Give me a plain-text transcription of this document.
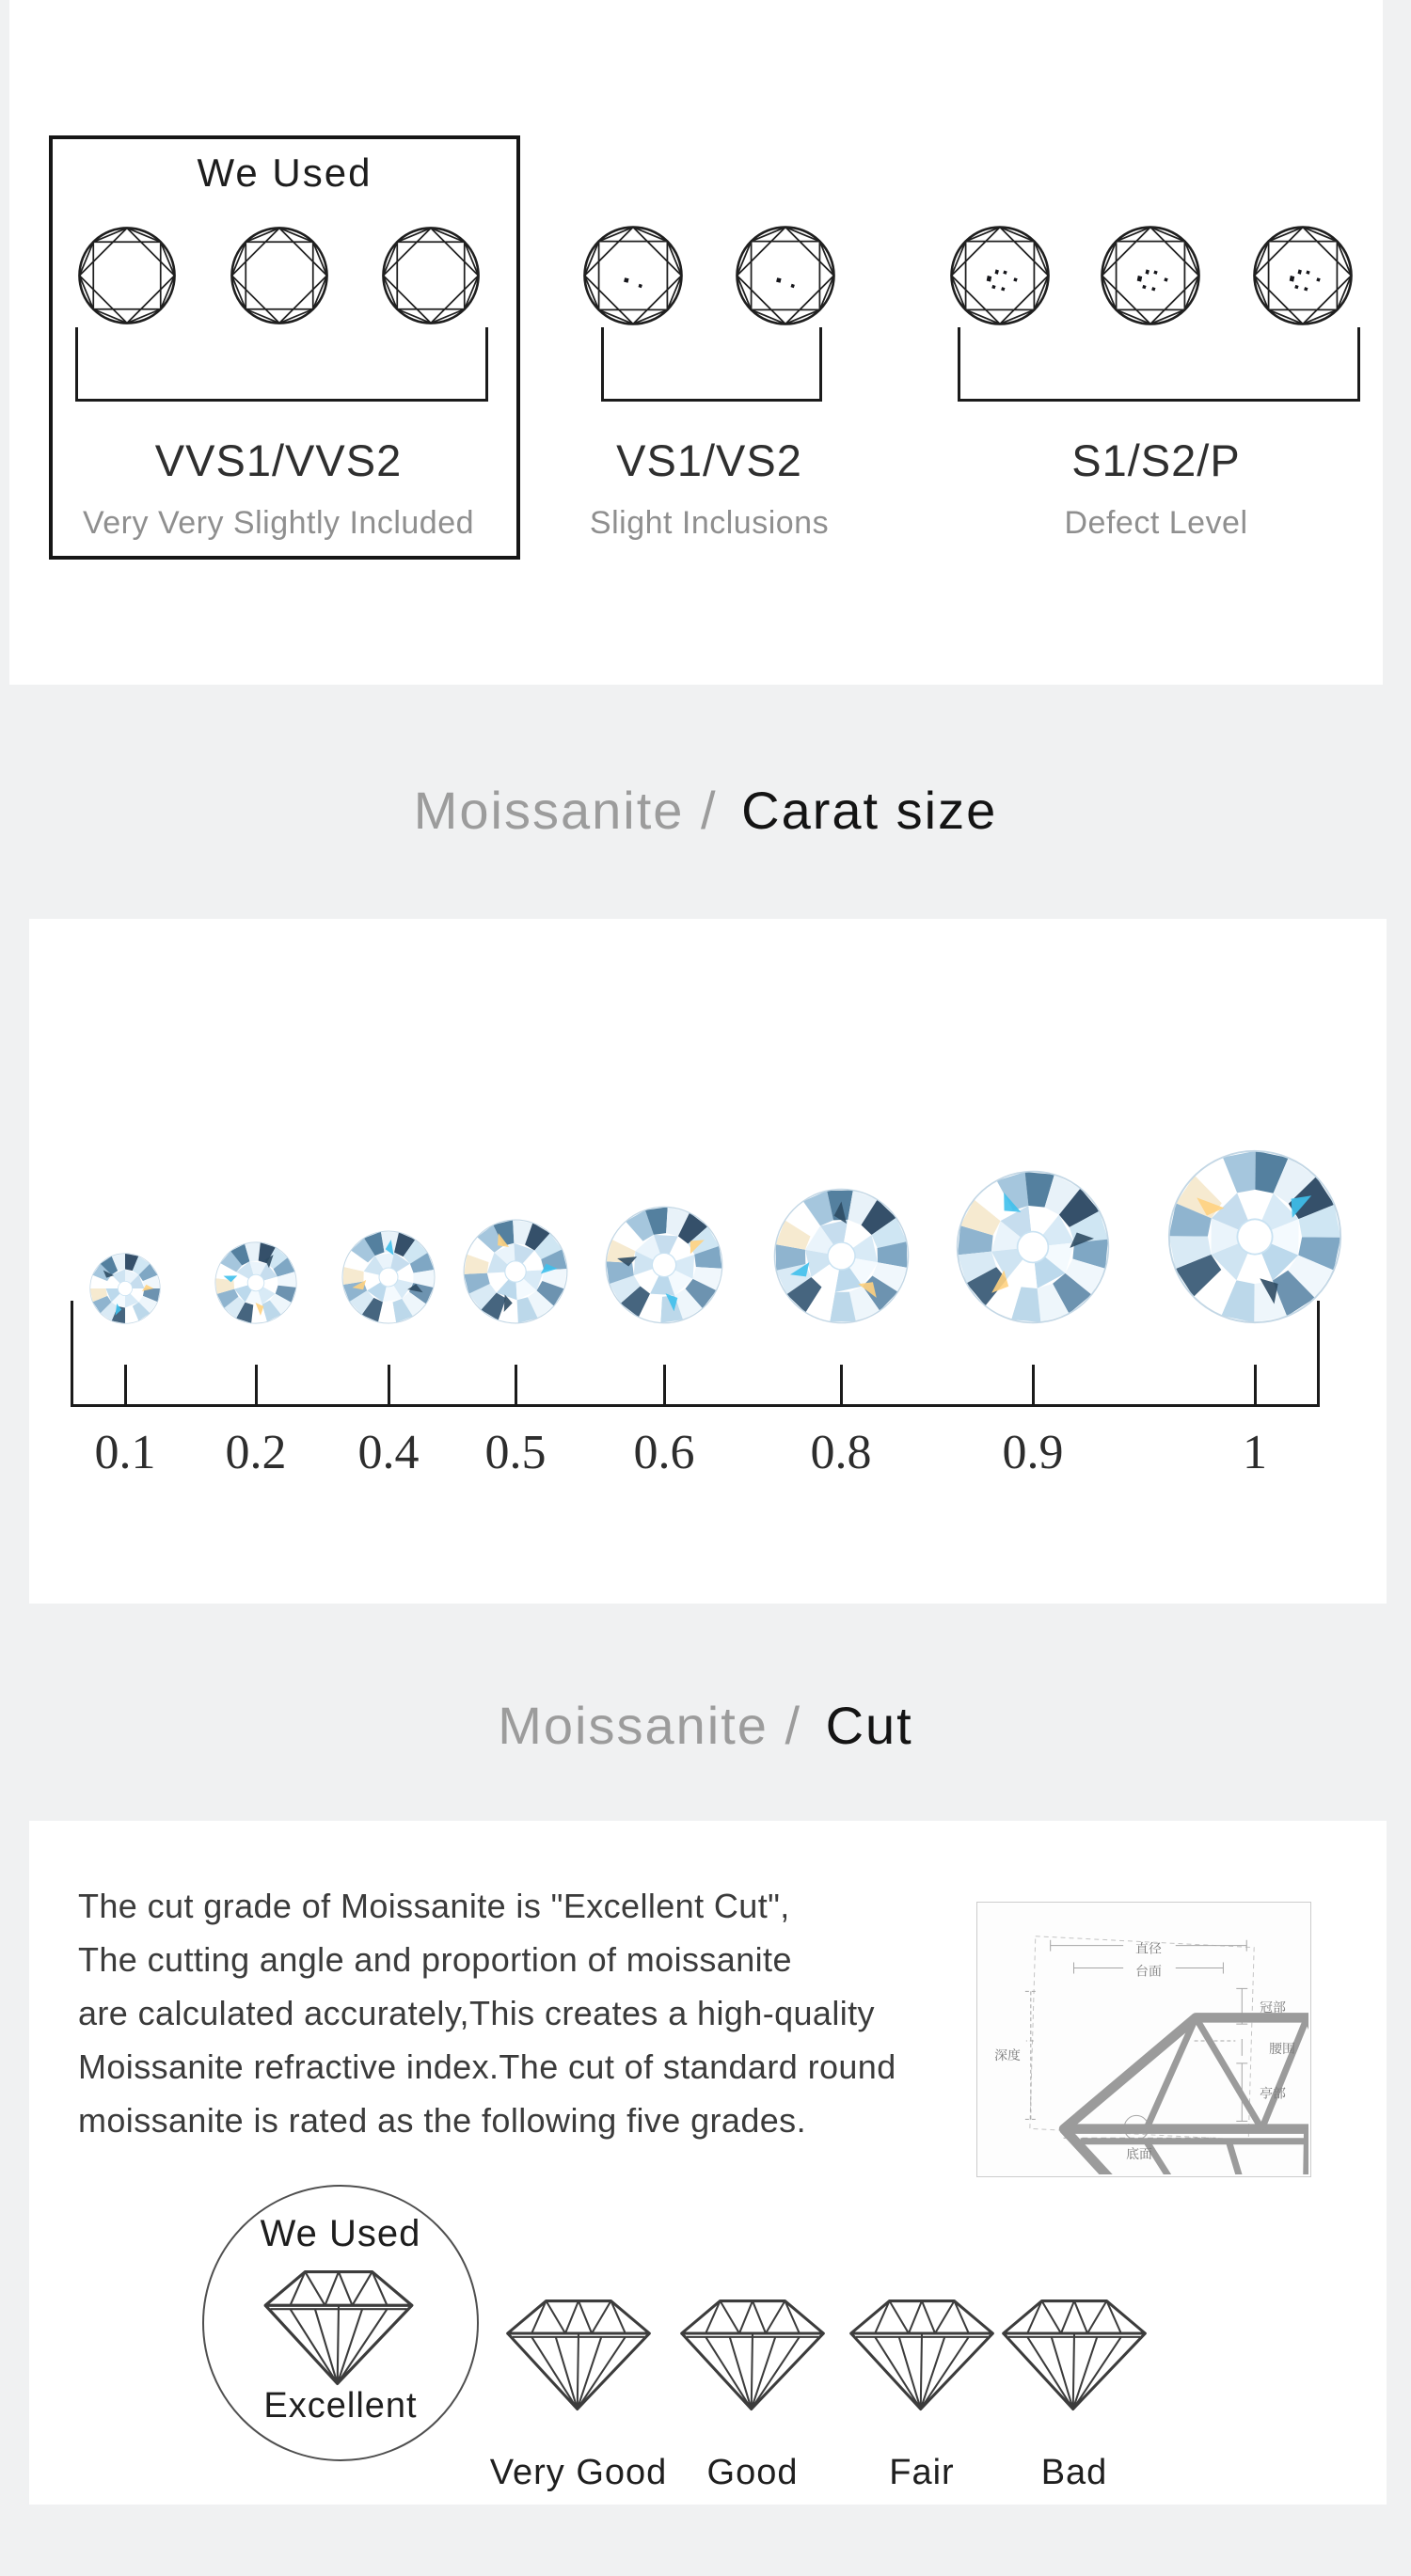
We Used
VVS1/VVS2
Very Very Slightly Included
VS1/VS2
Slight Inclusions
S1/S2/P
Defect Level
Moissanite / Carat size
0.1	0.2	0.4	0.5	0.6	0.8	0.9	1
Moissanite / Cut
The cut grade of Moissanite is "Excellent Cut",
The cutting angle and proportion of moissanite
are calculated accurately,This creates a high-quality
Moissanite refractive index.The cut of standard round
moissanite is rated as the following five grades.
直径
台面
深度
冠部
腰围
亭部
底面
We Used
Excellent
Very Good	Good	Fair	Bad
